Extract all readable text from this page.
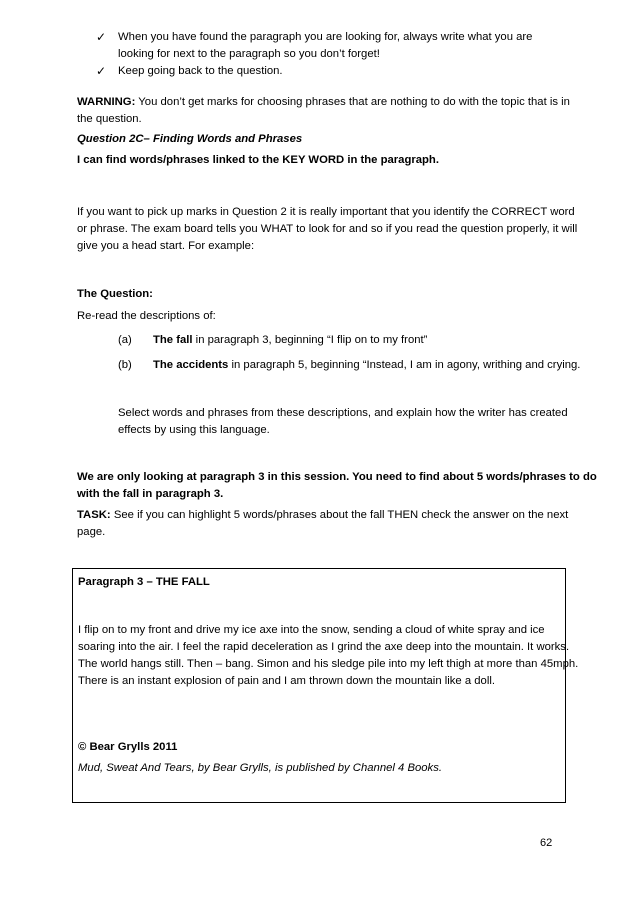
✓ When you have found the paragraph you are looking for, always write what you are
looking for next to the paragraph so you don’t forget!
✓ Keep going back to the question.
WARNING: You don’t get marks for choosing phrases that are nothing to do with the topic that is in
the question.
Question 2C– Finding Words and Phrases
I can find words/phrases linked to the KEY WORD in the paragraph.
If you want to pick up marks in Question 2 it is really important that you identify the CORRECT word
or phrase. The exam board tells you WHAT to look for and so if you read the question properly, it will
give you a head start. For example:
The Question:
Re-read the descriptions of:
(a) The fall in paragraph 3, beginning “I flip on to my front”
(b) The accidents in paragraph 5, beginning “Instead, I am in agony, writhing and crying.
Select words and phrases from these descriptions, and explain how the writer has created
effects by using this language.
We are only looking at paragraph 3 in this session. You need to find about 5 words/phrases to do
with the fall in paragraph 3.
TASK: See if you can highlight 5 words/phrases about the fall THEN check the answer on the next
page.
Paragraph 3 – THE FALL
I flip on to my front and drive my ice axe into the snow, sending a cloud of white spray and ice
soaring into the air. I feel the rapid deceleration as I grind the axe deep into the mountain. It works.
The world hangs still. Then – bang. Simon and his sledge pile into my left thigh at more than 45mph.
There is an instant explosion of pain and I am thrown down the mountain like a doll.
© Bear Grylls 2011
Mud, Sweat And Tears, by Bear Grylls, is published by Channel 4 Books.
62
